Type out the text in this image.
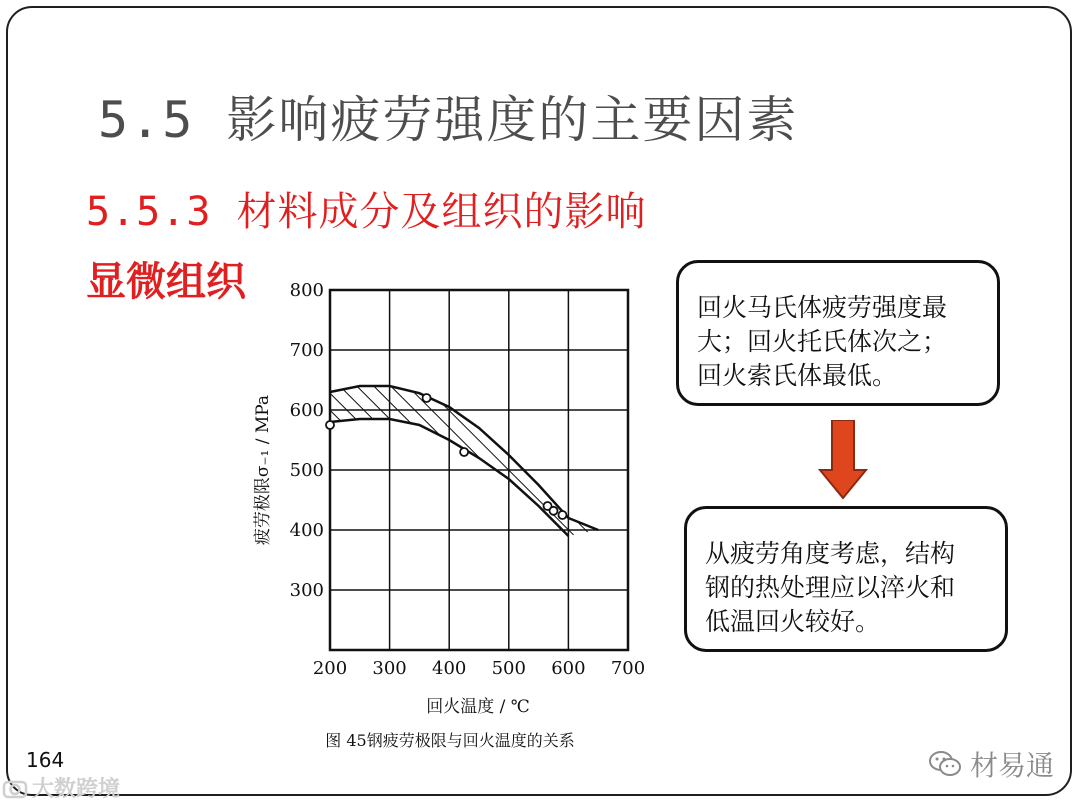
5.5 影响疲劳强度的主要因素
5.5.3 材料成分及组织的影响
显微组织
200 300 400 500 600 700
300
400
500
600
700
800
回火温度 / ℃
疲劳极限σ₋₁ / MPa
图 45钢疲劳极限与回火温度的关系

回火马氏体疲劳强度最

大；回火托氏体次之；

回火索氏体最低。

从疲劳角度考虑，结构

钢的热处理应以淬火和

低温回火较好。

164
大数跨境
材易通
